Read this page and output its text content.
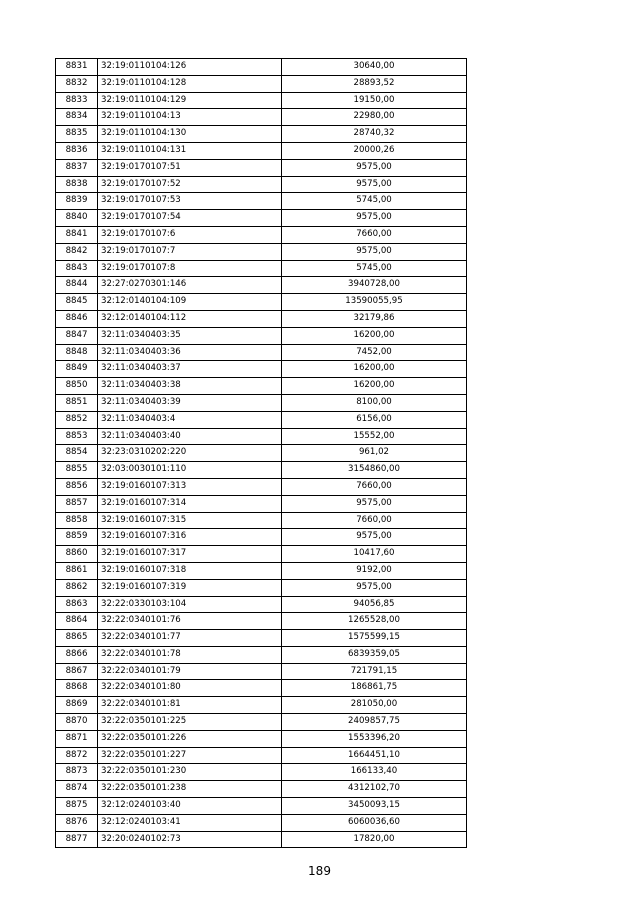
8831	32:19:0110104:126	30640,00
8832	32:19:0110104:128	28893,52
8833	32:19:0110104:129	19150,00
8834	32:19:0110104:13	22980,00
8835	32:19:0110104:130	28740,32
8836	32:19:0110104:131	20000,26
8837	32:19:0170107:51	9575,00
8838	32:19:0170107:52	9575,00
8839	32:19:0170107:53	5745,00
8840	32:19:0170107:54	9575,00
8841	32:19:0170107:6	7660,00
8842	32:19:0170107:7	9575,00
8843	32:19:0170107:8	5745,00
8844	32:27:0270301:146	3940728,00
8845	32:12:0140104:109	13590055,95
8846	32:12:0140104:112	32179,86
8847	32:11:0340403:35	16200,00
8848	32:11:0340403:36	7452,00
8849	32:11:0340403:37	16200,00
8850	32:11:0340403:38	16200,00
8851	32:11:0340403:39	8100,00
8852	32:11:0340403:4	6156,00
8853	32:11:0340403:40	15552,00
8854	32:23:0310202:220	961,02
8855	32:03:0030101:110	3154860,00
8856	32:19:0160107:313	7660,00
8857	32:19:0160107:314	9575,00
8858	32:19:0160107:315	7660,00
8859	32:19:0160107:316	9575,00
8860	32:19:0160107:317	10417,60
8861	32:19:0160107:318	9192,00
8862	32:19:0160107:319	9575,00
8863	32:22:0330103:104	94056,85
8864	32:22:0340101:76	1265528,00
8865	32:22:0340101:77	1575599,15
8866	32:22:0340101:78	6839359,05
8867	32:22:0340101:79	721791,15
8868	32:22:0340101:80	186861,75
8869	32:22:0340101:81	281050,00
8870	32:22:0350101:225	2409857,75
8871	32:22:0350101:226	1553396,20
8872	32:22:0350101:227	1664451,10
8873	32:22:0350101:230	166133,40
8874	32:22:0350101:238	4312102,70
8875	32:12:0240103:40	3450093,15
8876	32:12:0240103:41	6060036,60
8877	32:20:0240102:73	17820,00
189
